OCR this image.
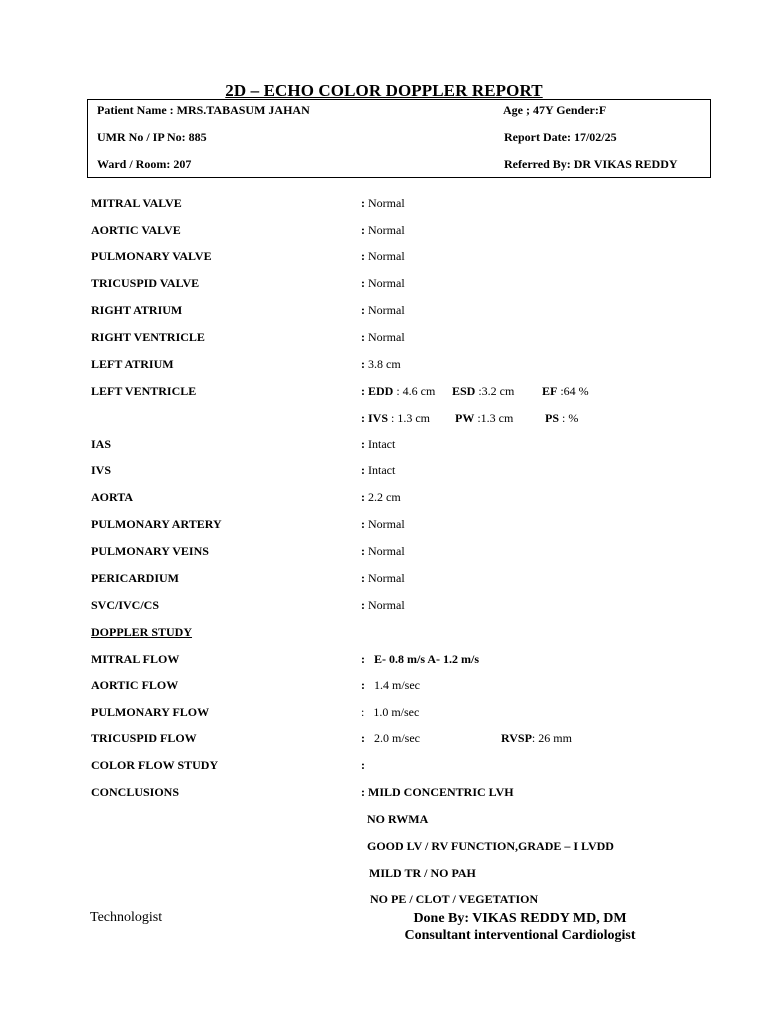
2D – ECHO COLOR DOPPLER REPORT
Patient Name : MRS.TABASUM JAHAN	Age ; 47Y Gender:F
UMR No / IP No: 885	Report Date: 17/02/25
Ward / Room: 207	Referred By: DR VIKAS REDDY
MITRAL VALVE	: Normal
AORTIC VALVE	: Normal
PULMONARY VALVE	: Normal
TRICUSPID VALVE	: Normal
RIGHT ATRIUM	: Normal
RIGHT VENTRICLE	: Normal
LEFT ATRIUM	: 3.8 cm
LEFT VENTRICLE	: EDD : 4.6 cm ESD :3.2 cm EF :64 %
: IVS : 1.3 cm PW :1.3 cm	PS : %
IAS	: Intact
IVS	: Intact
AORTA	: 2.2 cm
PULMONARY ARTERY	: Normal
PULMONARY VEINS	: Normal
PERICARDIUM	: Normal
SVC/IVC/CS	: Normal
DOPPLER STUDY
MITRAL FLOW	:   E- 0.8 m/s A- 1.2 m/s
AORTIC FLOW	: 1.4 m/sec
PULMONARY FLOW	:   1.0 m/sec
TRICUSPID FLOW	: 2.0 m/sec	RVSP: 26 mm
COLOR FLOW STUDY	:
CONCLUSIONS	: MILD CONCENTRIC LVH
NO RWMA
GOOD LV / RV FUNCTION,GRADE – I LVDD
MILD TR / NO PAH
NO PE / CLOT / VEGETATION
Technologist	Done By: VIKAS REDDY MD, DM
Consultant interventional Cardiologist
